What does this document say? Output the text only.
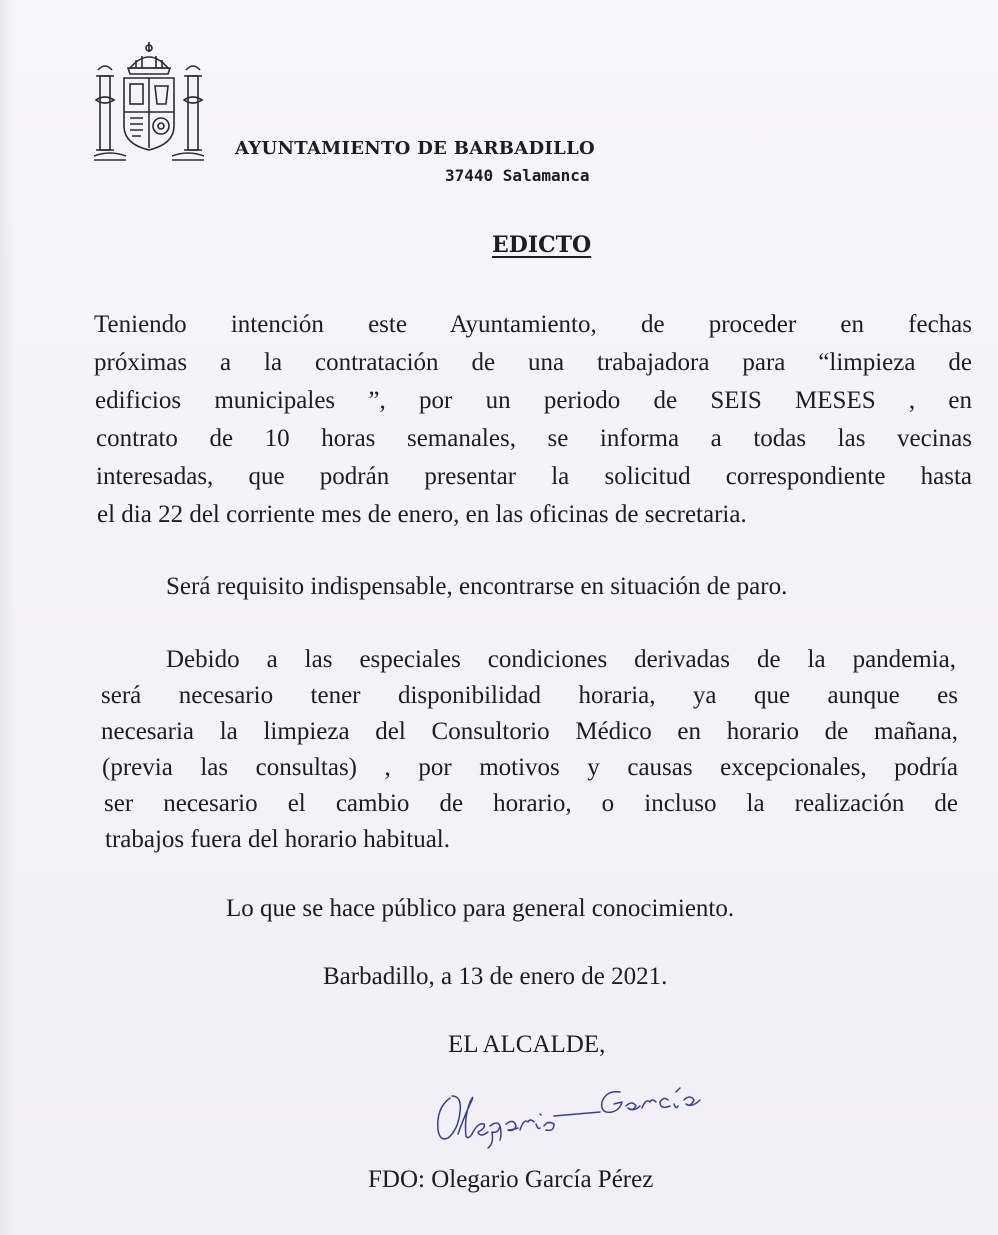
AYUNTAMIENTO DE BARBADILLO
37440 Salamanca
EDICTO
Teniendo intención este Ayuntamiento, de proceder en fechas
próximas a la contratación de una trabajadora para “limpieza de
edificios municipales ”, por un periodo de SEIS MESES , en
contrato de 10 horas semanales, se informa a todas las vecinas
interesadas, que podrán presentar la solicitud correspondiente hasta
el dia 22 del corriente mes de enero, en las oficinas de secretaria.
Será requisito indispensable, encontrarse en situación de paro.
Debido a las especiales condiciones derivadas de la pandemia,
será necesario tener disponibilidad horaria, ya que aunque es
necesaria la limpieza del Consultorio Médico en horario de mañana,
(previa las consultas) , por motivos y causas excepcionales, podría
ser necesario el cambio de horario, o incluso la realización de
trabajos fuera del horario habitual.
Lo que se hace público para general conocimiento.
Barbadillo, a 13 de enero de 2021.
EL ALCALDE,
FDO: Olegario García Pérez
